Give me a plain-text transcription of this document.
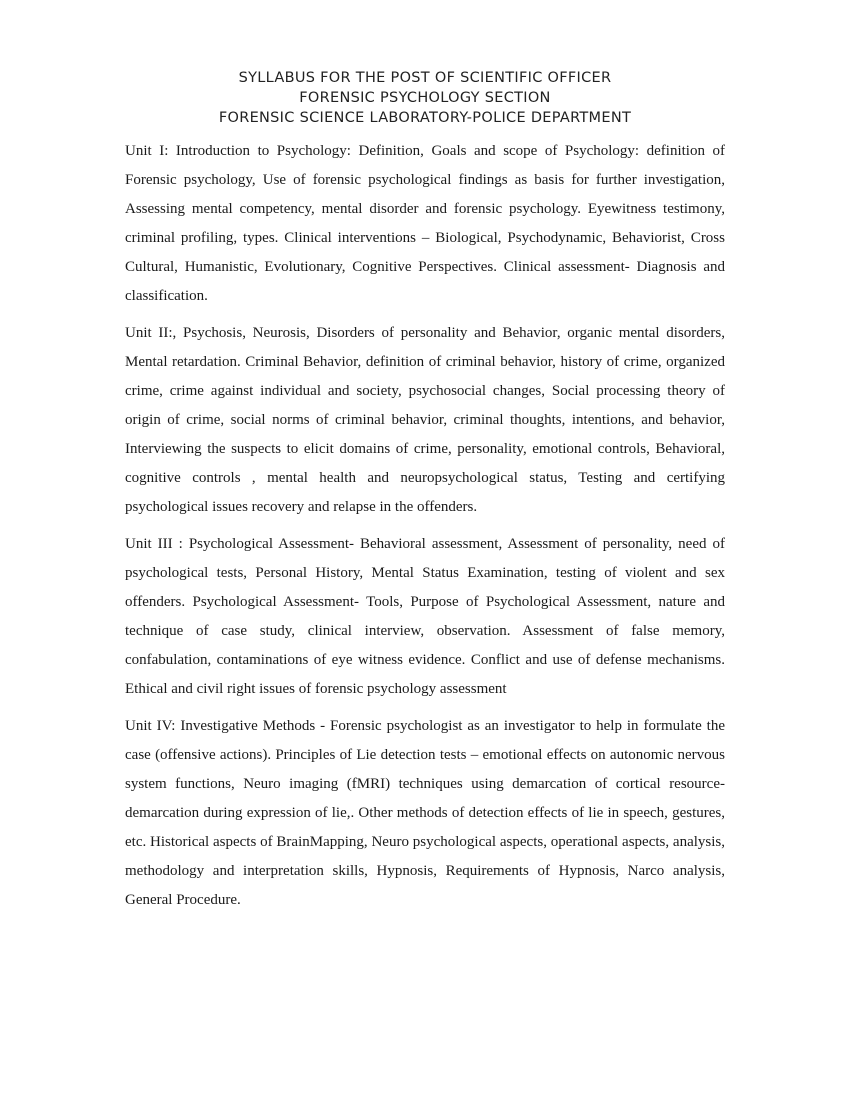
SYLLABUS FOR THE POST OF SCIENTIFIC OFFICER
FORENSIC PSYCHOLOGY SECTION
FORENSIC SCIENCE LABORATORY-POLICE DEPARTMENT

Unit I: Introduction to Psychology: Definition, Goals and scope of Psychology: definition of Forensic psychology, Use of forensic psychological findings as basis for further investigation, Assessing mental competency, mental disorder and forensic psychology. Eyewitness testimony, criminal profiling, types. Clinical interventions – Biological, Psychodynamic, Behaviorist, Cross Cultural, Humanistic, Evolutionary, Cognitive Perspectives. Clinical assessment- Diagnosis and classification.

Unit II:, Psychosis, Neurosis, Disorders of personality and Behavior, organic mental disorders, Mental retardation. Criminal Behavior, definition of criminal behavior, history of crime, organized crime, crime against individual and society, psychosocial changes, Social processing theory of origin of crime, social norms of criminal behavior, criminal thoughts, intentions, and behavior, Interviewing the suspects to elicit domains of crime, personality, emotional controls, Behavioral, cognitive controls , mental health and neuropsychological status, Testing and certifying psychological issues recovery and relapse in the offenders.

Unit III : Psychological Assessment- Behavioral assessment, Assessment of personality, need of psychological tests, Personal History, Mental Status Examination, testing of violent and sex offenders. Psychological Assessment- Tools, Purpose of Psychological Assessment, nature and technique of case study, clinical interview, observation. Assessment of false memory, confabulation, contaminations of eye witness evidence. Conflict and use of defense mechanisms. Ethical and civil right issues of forensic psychology assessment

Unit IV: Investigative Methods - Forensic psychologist as an investigator to help in formulate the case (offensive actions). Principles of Lie detection tests – emotional effects on autonomic nervous system functions, Neuro imaging (fMRI) techniques using demarcation of cortical resource- demarcation during expression of lie,. Other methods of detection effects of lie in speech, gestures, etc. Historical aspects of BrainMapping, Neuro psychological aspects, operational aspects, analysis, methodology and interpretation skills, Hypnosis, Requirements of Hypnosis, Narco analysis, General Procedure.
